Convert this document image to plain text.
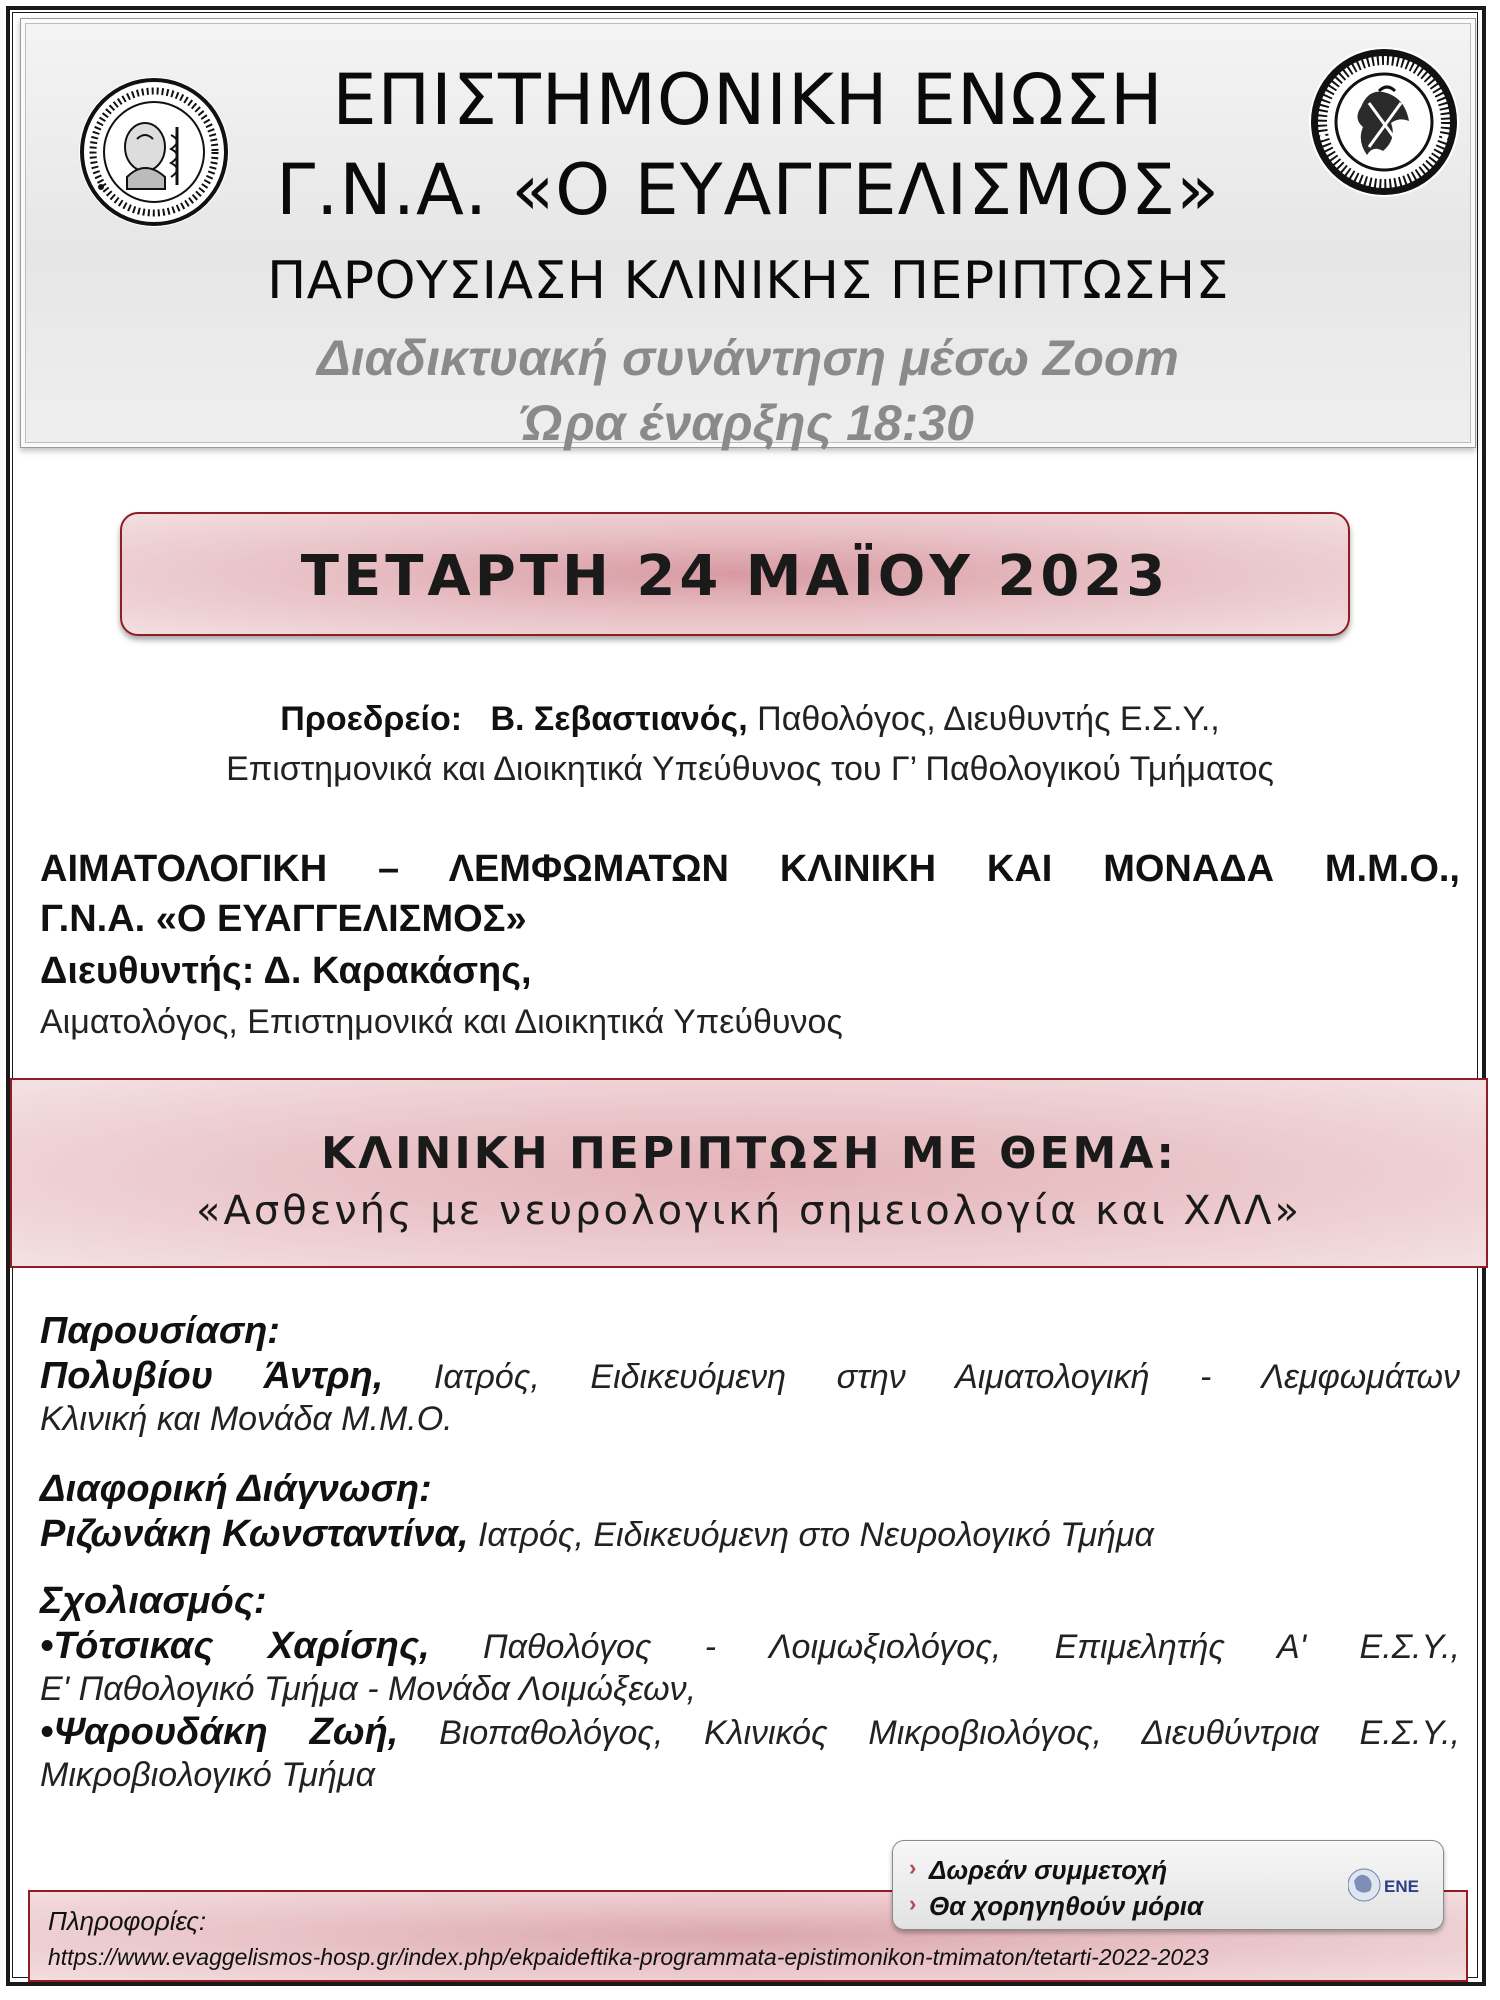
ΕΠΙΣΤΗΜΟΝΙΚΗ ΕΝΩΣΗ
Γ.Ν.Α. «Ο ΕΥΑΓΓΕΛΙΣΜΟΣ»
ΠΑΡΟΥΣΙΑΣΗ ΚΛΙΝΙΚΗΣ ΠΕΡΙΠΤΩΣΗΣ
Διαδικτυακή συνάντηση μέσω Zoom
Ώρα έναρξης 18:30
ΤΕΤΑΡΤΗ 24 ΜΑΪΟΥ 2023
Προεδρείο: Β. Σεβαστιανός, Παθολόγος, Διευθυντής Ε.Σ.Υ.,
Επιστημονικά και Διοικητικά Υπεύθυνος του Γ’ Παθολογικού Τμήματος
ΑΙΜΑΤΟΛΟΓΙΚΗ – ΛΕΜΦΩΜΑΤΩΝ ΚΛΙΝΙΚΗ ΚΑΙ ΜΟΝΑΔΑ Μ.Μ.Ο.,
Γ.Ν.Α. «Ο ΕΥΑΓΓΕΛΙΣΜΟΣ»
Διευθυντής: Δ. Καρακάσης,
Αιματολόγος, Επιστημονικά και Διοικητικά Υπεύθυνος
ΚΛΙΝΙΚΗ ΠΕΡΙΠΤΩΣΗ ΜΕ ΘΕΜΑ:
«Ασθενής με νευρολογική σημειολογία και ΧΛΛ»
Παρουσίαση:
Πολυβίου Άντρη, Ιατρός, Ειδικευόμενη στην Αιματολογική - Λεμφωμάτων
Κλινική και Μονάδα Μ.Μ.Ο.
Διαφορική Διάγνωση:
Ριζωνάκη Κωνσταντίνα, Ιατρός, Ειδικευόμενη στο Νευρολογικό Τμήμα
Σχολιασμός:
•Τότσικας Χαρίσης, Παθολόγος - Λοιμωξιολόγος, Επιμελητής Α' Ε.Σ.Υ.,
Ε' Παθολογικό Τμήμα - Μονάδα Λοιμώξεων,
•Ψαρουδάκη Ζωή, Βιοπαθολόγος, Κλινικός Μικροβιολόγος, Διευθύντρια Ε.Σ.Υ.,
Μικροβιολογικό Τμήμα
Πληροφορίες:
https://www.evaggelismos-hosp.gr/index.php/ekpaideftika-programmata-epistimonikon-tmimaton/tetarti-2022-2023
› Δωρεάν συμμετοχή
› Θα χορηγηθούν μόρια
ΕΝΕ
